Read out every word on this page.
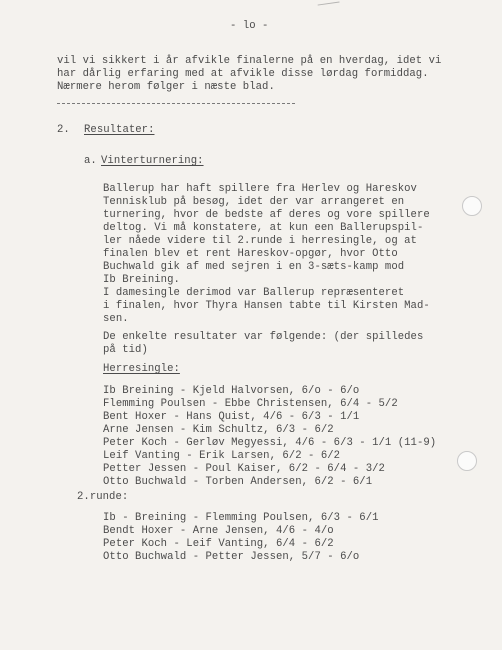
- lo -
vil vi sikkert i år afvikle finalerne på en hverdag, idet vi
har dårlig erfaring med at afvikle disse lørdag formiddag.
Nærmere herom følger i næste blad.
2. Resultater:
a. Vinterturnering:
Ballerup har haft spillere fra Herlev og Hareskov
Tennisklub på besøg, idet der var arrangeret en
turnering, hvor de bedste af deres og vore spillere
deltog. Vi må konstatere, at kun een Ballerupspil-
ler nåede videre til 2.runde i herresingle, og at
finalen blev et rent Hareskov-opgør, hvor Otto
Buchwald gik af med sejren i en 3-sæts-kamp mod
Ib Breining.
I damesingle derimod var Ballerup repræsenteret
i finalen, hvor Thyra Hansen tabte til Kirsten Mad-
sen.
De enkelte resultater var følgende: (der spilledes
på tid)
Herresingle:
Ib Breining - Kjeld Halvorsen, 6/o - 6/o
Flemming Poulsen - Ebbe Christensen, 6/4 - 5/2
Bent Hoxer - Hans Quist, 4/6 - 6/3 - 1/1
Arne Jensen - Kim Schultz, 6/3 - 6/2
Peter Koch - Gerløv Megyessi, 4/6 - 6/3 - 1/1 (11-9)
Leif Vanting - Erik Larsen, 6/2 - 6/2
Petter Jessen - Poul Kaiser, 6/2 - 6/4 - 3/2
Otto Buchwald - Torben Andersen, 6/2 - 6/1
2.runde:
Ib - Breining - Flemming Poulsen, 6/3 - 6/1
Bendt Hoxer - Arne Jensen, 4/6 - 4/o
Peter Koch - Leif Vanting, 6/4 - 6/2
Otto Buchwald - Petter Jessen, 5/7 - 6/o
